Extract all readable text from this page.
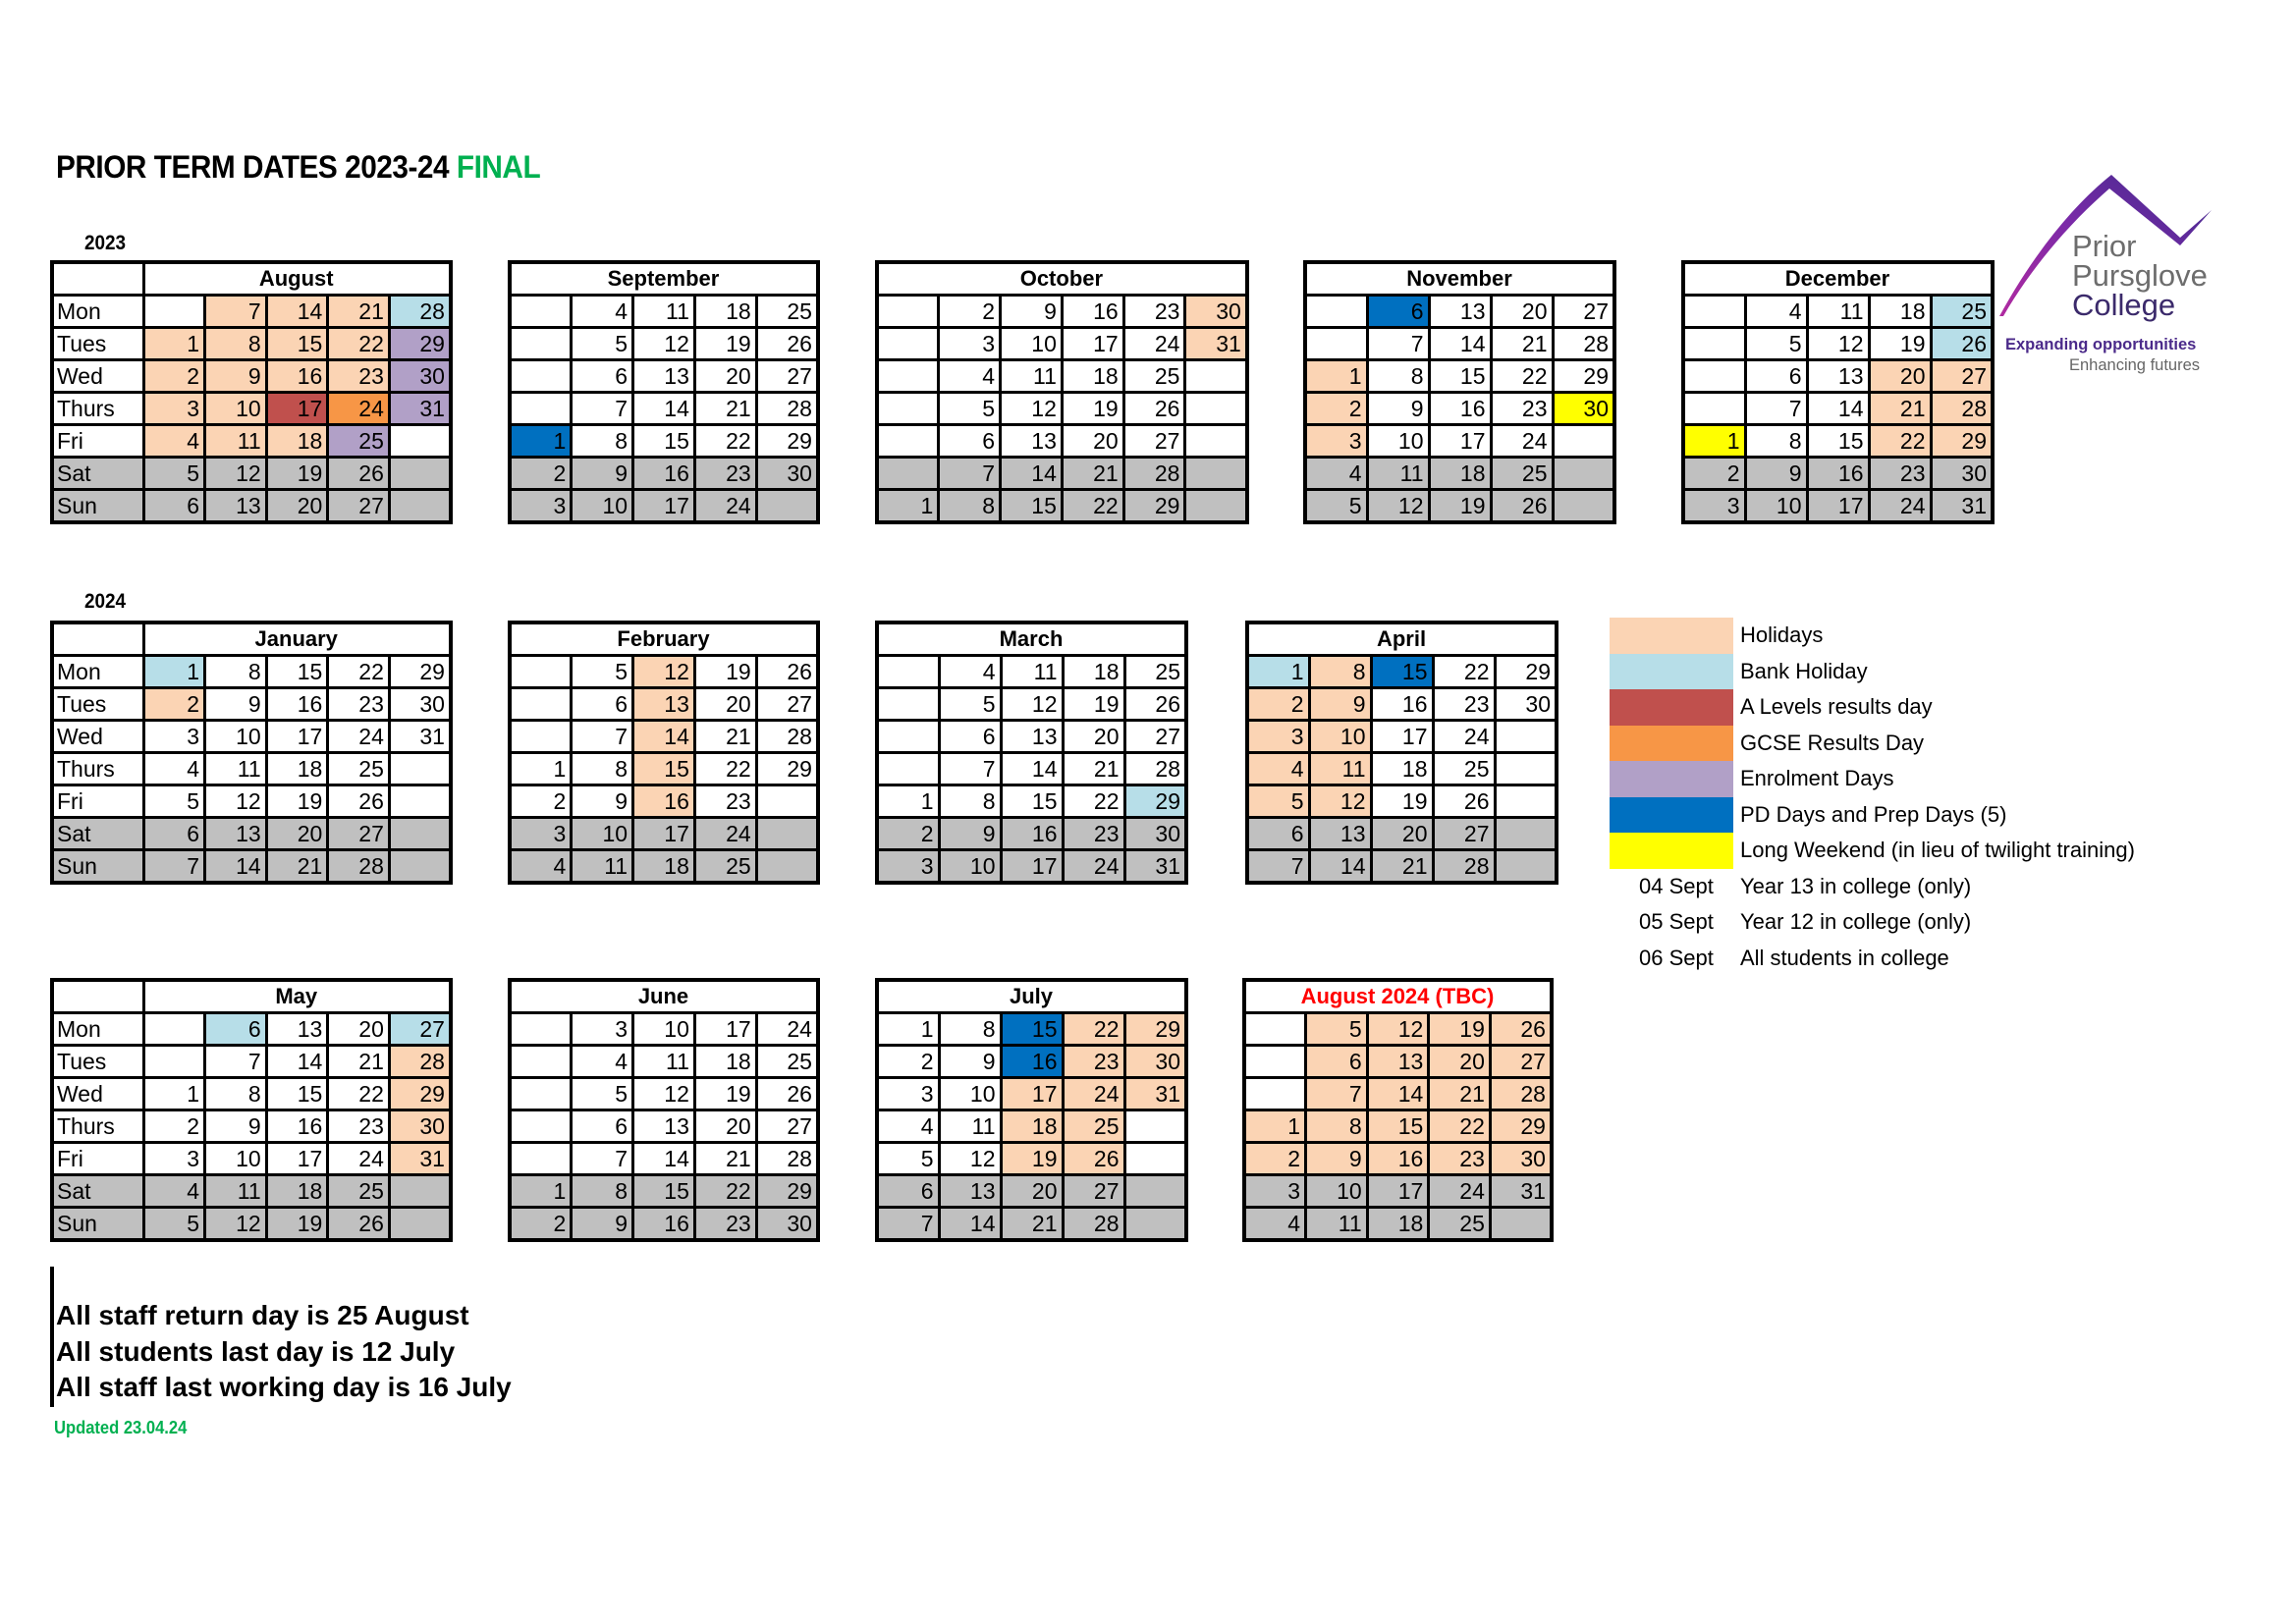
PRIOR TERM DATES 2023-24 FINAL
2023
2024
Prior
Pursglove
College
Expanding opportunities
Enhancing futures
	August				
Mon		7	14	21	28
Tues	1	8	15	22	29
Wed	2	9	16	23	30
Thurs	3	10	17	24	31
Fri	4	11	18	25	
Sat	5	12	19	26	
Sun	6	13	20	27	
September				
	4	11	18	25
	5	12	19	26
	6	13	20	27
	7	14	21	28
1	8	15	22	29
2	9	16	23	30
3	10	17	24	
October					
	2	9	16	23	30
	3	10	17	24	31
	4	11	18	25	
	5	12	19	26	
	6	13	20	27	
	7	14	21	28	
1	8	15	22	29	
November				
	6	13	20	27
	7	14	21	28
1	8	15	22	29
2	9	16	23	30
3	10	17	24	
4	11	18	25	
5	12	19	26	
December				
	4	11	18	25
	5	12	19	26
	6	13	20	27
	7	14	21	28
1	8	15	22	29
2	9	16	23	30
3	10	17	24	31
	January				
Mon	1	8	15	22	29
Tues	2	9	16	23	30
Wed	3	10	17	24	31
Thurs	4	11	18	25	
Fri	5	12	19	26	
Sat	6	13	20	27	
Sun	7	14	21	28	
February				
	5	12	19	26
	6	13	20	27
	7	14	21	28
1	8	15	22	29
2	9	16	23	
3	10	17	24	
4	11	18	25	
March				
	4	11	18	25
	5	12	19	26
	6	13	20	27
	7	14	21	28
1	8	15	22	29
2	9	16	23	30
3	10	17	24	31
April				
1	8	15	22	29
2	9	16	23	30
3	10	17	24	
4	11	18	25	
5	12	19	26	
6	13	20	27	
7	14	21	28	
	May				
Mon		6	13	20	27
Tues		7	14	21	28
Wed	1	8	15	22	29
Thurs	2	9	16	23	30
Fri	3	10	17	24	31
Sat	4	11	18	25	
Sun	5	12	19	26	
June				
	3	10	17	24
	4	11	18	25
	5	12	19	26
	6	13	20	27
	7	14	21	28
1	8	15	22	29
2	9	16	23	30
July				
1	8	15	22	29
2	9	16	23	30
3	10	17	24	31
4	11	18	25	
5	12	19	26	
6	13	20	27	
7	14	21	28	
August 2024 (TBC)				
	5	12	19	26
	6	13	20	27
	7	14	21	28
1	8	15	22	29
2	9	16	23	30
3	10	17	24	31
4	11	18	25	
Holidays
Bank Holiday
A Levels results day
GCSE Results Day
Enrolment Days
PD Days and Prep Days (5)
Long Weekend (in lieu of twilight training)
04 Sept	Year 13 in college (only)
05 Sept	Year 12 in college (only)
06 Sept	All students in college
All staff return day is 25 August
All students last day is 12 July
All staff last working day is 16 July
Updated 23.04.24
